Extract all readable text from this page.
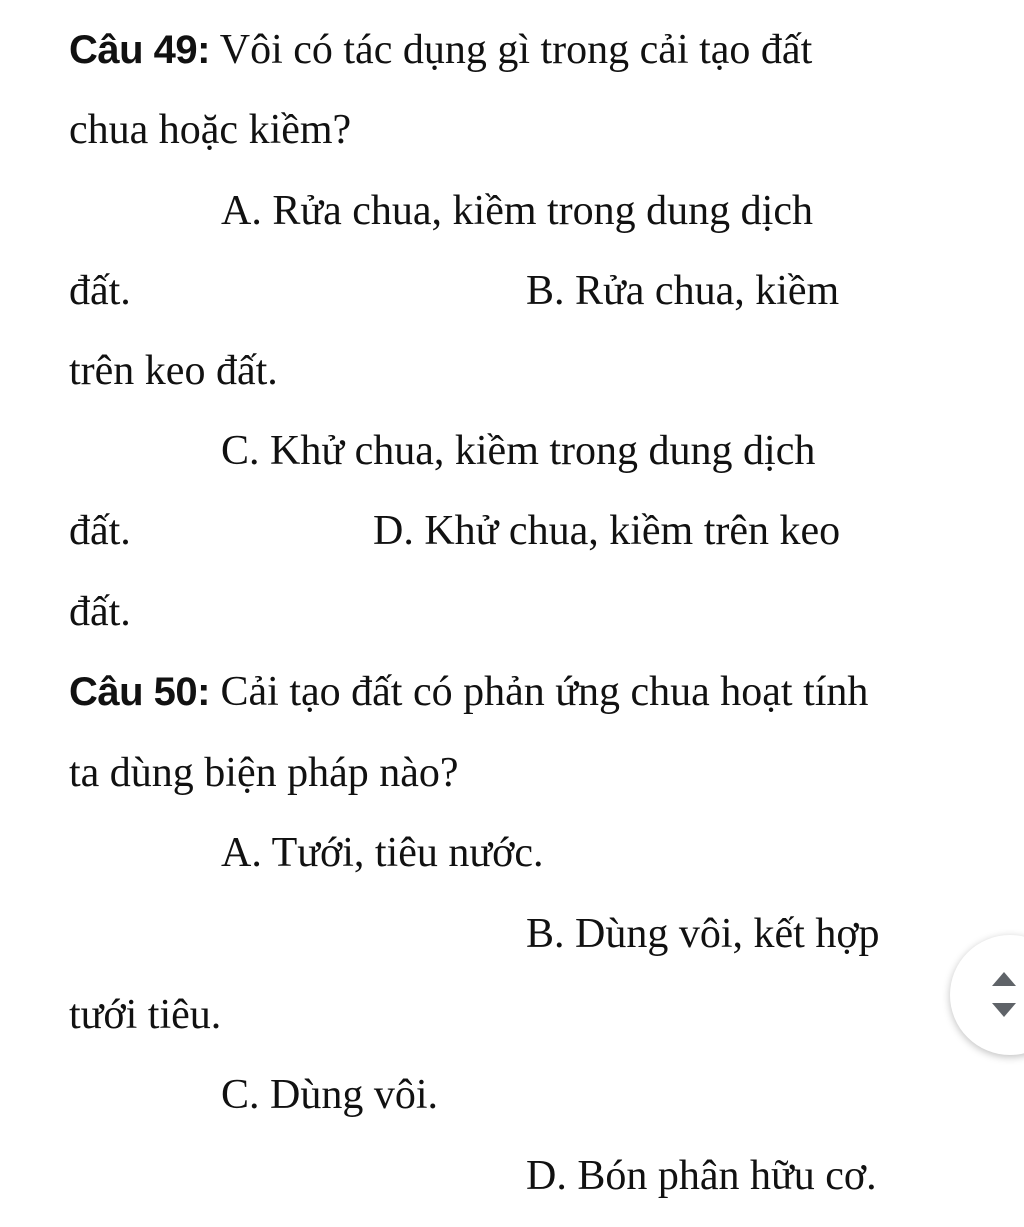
Câu 49: Vôi có tác dụng gì trong cải tạo đất
chua hoặc kiềm?
A. Rửa chua, kiềm trong dung dịch
đất.	B. Rửa chua, kiềm
trên keo đất.
C. Khử chua, kiềm trong dung dịch
đất.	D. Khử chua, kiềm trên keo
đất.
Câu 50: Cải tạo đất có phản ứng chua hoạt tính
ta dùng biện pháp nào?
A. Tưới, tiêu nước.
B. Dùng vôi, kết hợp
tưới tiêu.
C. Dùng vôi.
D. Bón phân hữu cơ.
